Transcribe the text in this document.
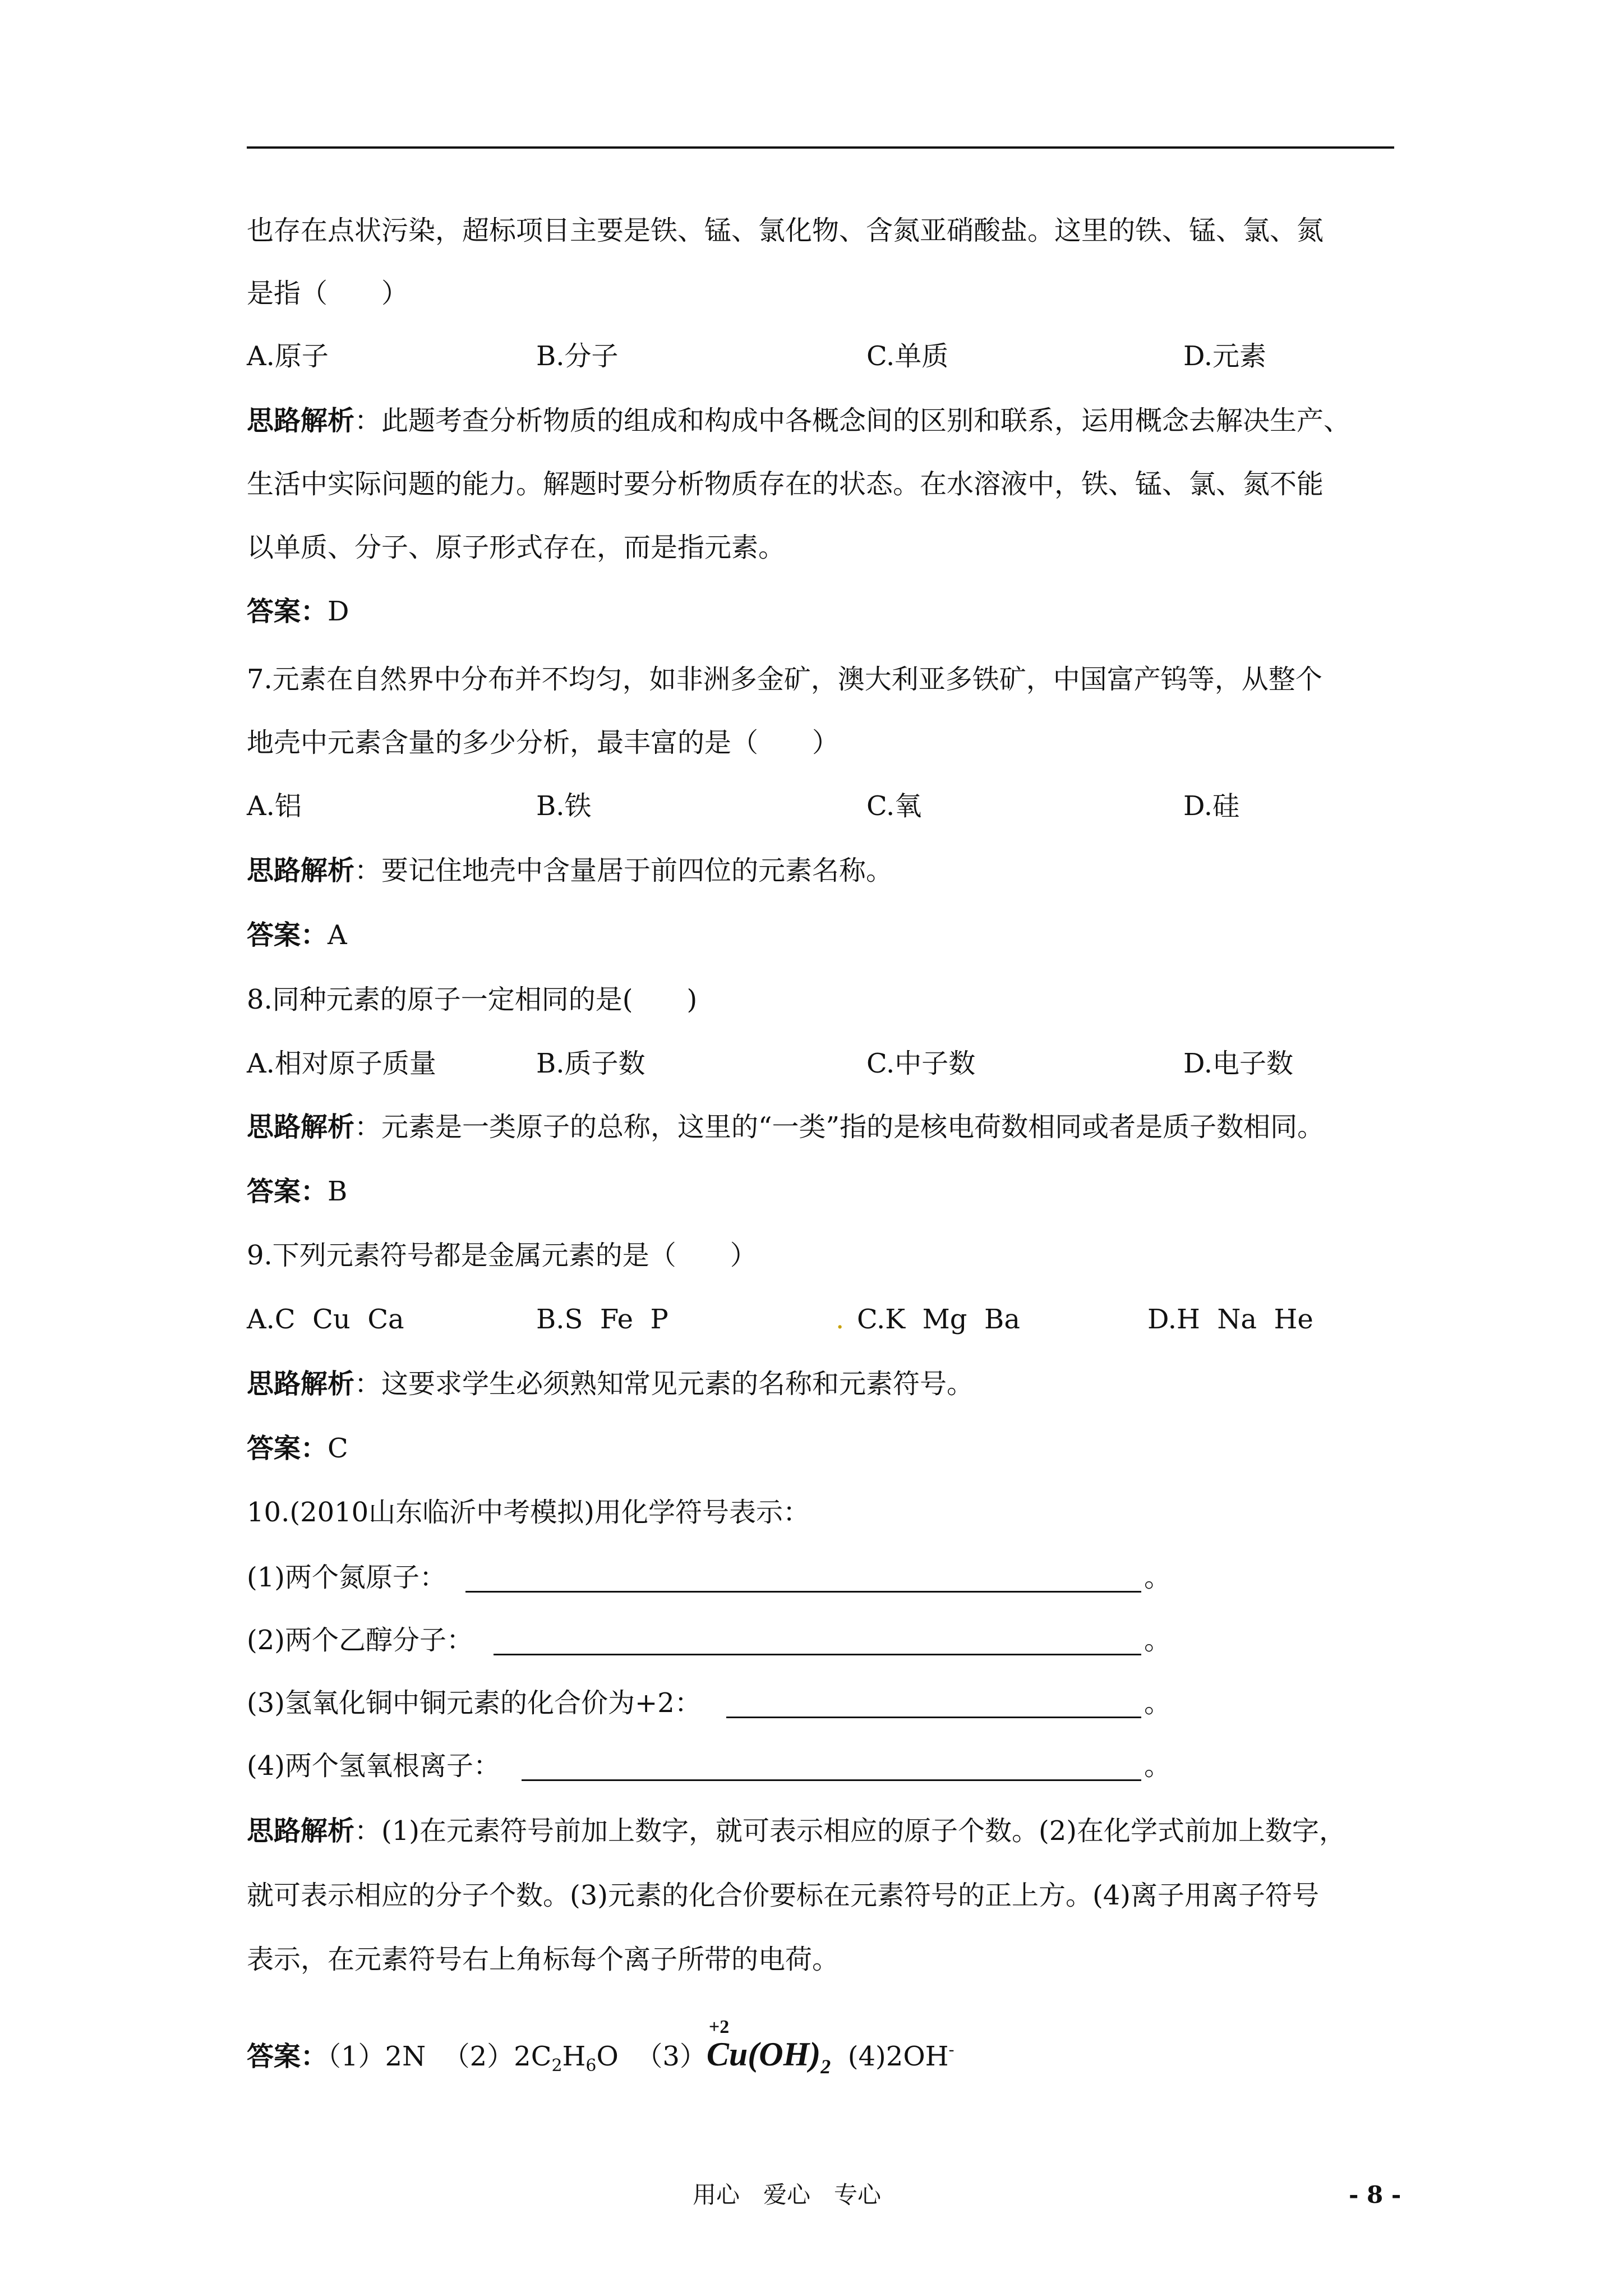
也存在点状污染，超标项目主要是铁、锰、氯化物、含氮亚硝酸盐。这里的铁、锰、氯、氮
是指（　　）
A.原子	B.分子	C.单质	D.元素
思路解析：此题考查分析物质的组成和构成中各概念间的区别和联系，运用概念去解决生产、
生活中实际问题的能力。解题时要分析物质存在的状态。在水溶液中，铁、锰、氯、氮不能
以单质、分子、原子形式存在，而是指元素。
答案：D
7.元素在自然界中分布并不均匀，如非洲多金矿，澳大利亚多铁矿，中国富产钨等，从整个
地壳中元素含量的多少分析，最丰富的是（　　）
A.铝	B.铁	C.氧	D.硅
思路解析：要记住地壳中含量居于前四位的元素名称。
答案：A
8.同种元素的原子一定相同的是(　　)
A.相对原子质量	B.质子数	C.中子数	D.电子数
思路解析：元素是一类原子的总称，这里的“一类”指的是核电荷数相同或者是质子数相同。
答案：B
9.下列元素符号都是金属元素的是（　　）
A.C  Cu  Ca	B.S  Fe  P	. C.K  Mg  Ba	D.H  Na  He
思路解析：这要求学生必须熟知常见元素的名称和元素符号。
答案：C
10.(2010山东临沂中考模拟)用化学符号表示：
(1)两个氮原子：	。
(2)两个乙醇分子：	。
(3)氢氧化铜中铜元素的化合价为+2：	。
(4)两个氢氧根离子：	。
思路解析：(1)在元素符号前加上数字，就可表示相应的原子个数。(2)在化学式前加上数字，
就可表示相应的分子个数。(3)元素的化合价要标在元素符号的正上方。(4)离子用离子符号
表示，在元素符号右上角标每个离子所带的电荷。
答案：（1）2N $(2)2C_2H_6O$ （3）
+2
$Cu(OH)_2$ (4)2OH-
用心　爱心　专心	- 8 -
